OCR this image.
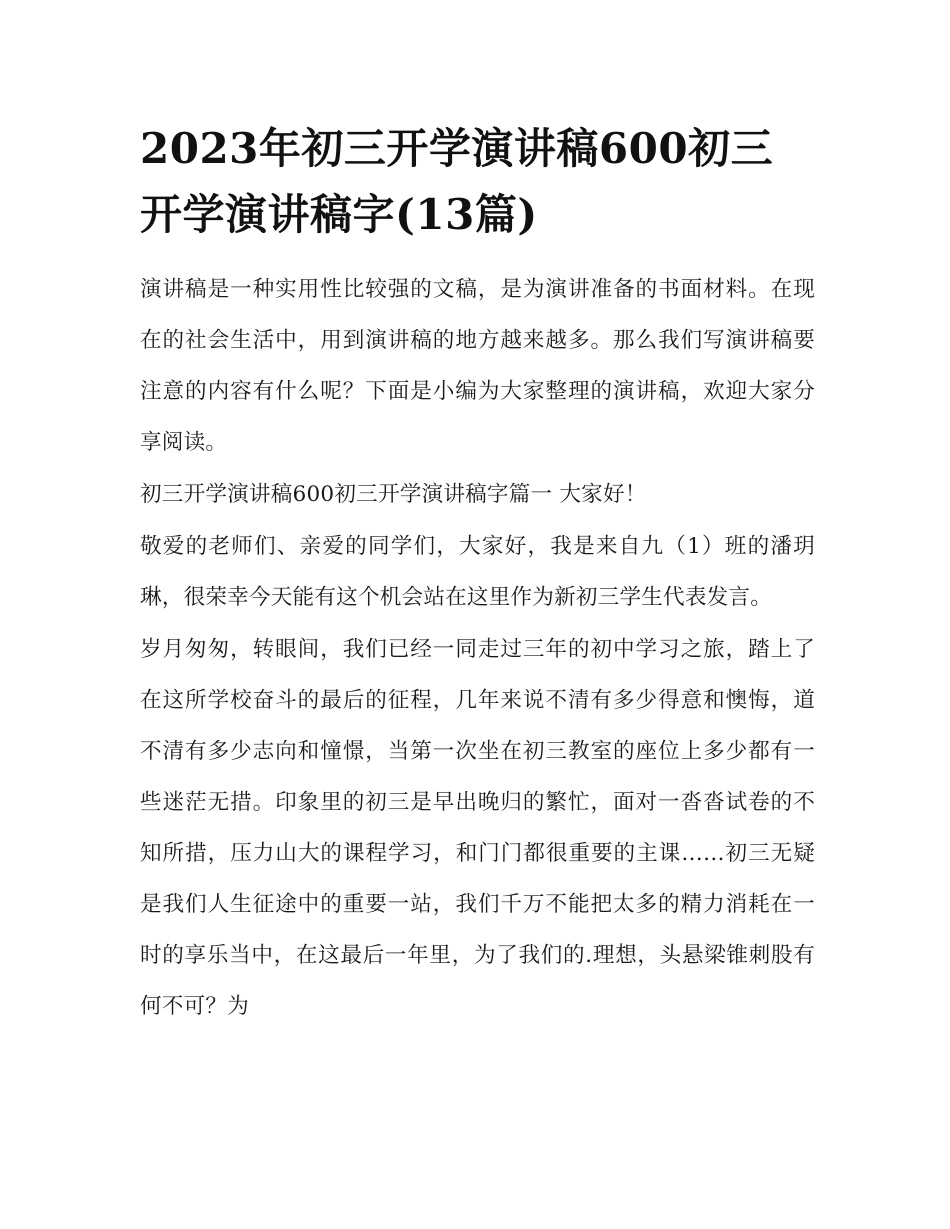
2023年初三开学演讲稿600初三开学演讲稿字(13篇)

演讲稿是一种实用性比较强的文稿，是为演讲准备的书面材料。在现在的社会生活中，用到演讲稿的地方越来越多。那么我们写演讲稿要注意的内容有什么呢？下面是小编为大家整理的演讲稿，欢迎大家分享阅读。

初三开学演讲稿600初三开学演讲稿字篇一 大家好！

敬爱的老师们、亲爱的同学们，大家好，我是来自九（1）班的潘玥琳，很荣幸今天能有这个机会站在这里作为新初三学生代表发言。

岁月匆匆，转眼间，我们已经一同走过三年的初中学习之旅，踏上了在这所学校奋斗的最后的征程，几年来说不清有多少得意和懊悔，道不清有多少志向和憧憬，当第一次坐在初三教室的座位上多少都有一些迷茫无措。印象里的初三是早出晚归的繁忙，面对一沓沓试卷的不知所措，压力山大的课程学习，和门门都很重要的主课……初三无疑是我们人生征途中的重要一站，我们千万不能把太多的精力消耗在一时的享乐当中，在这最后一年里，为了我们的.理想，头悬梁锥刺股有何不可？为
